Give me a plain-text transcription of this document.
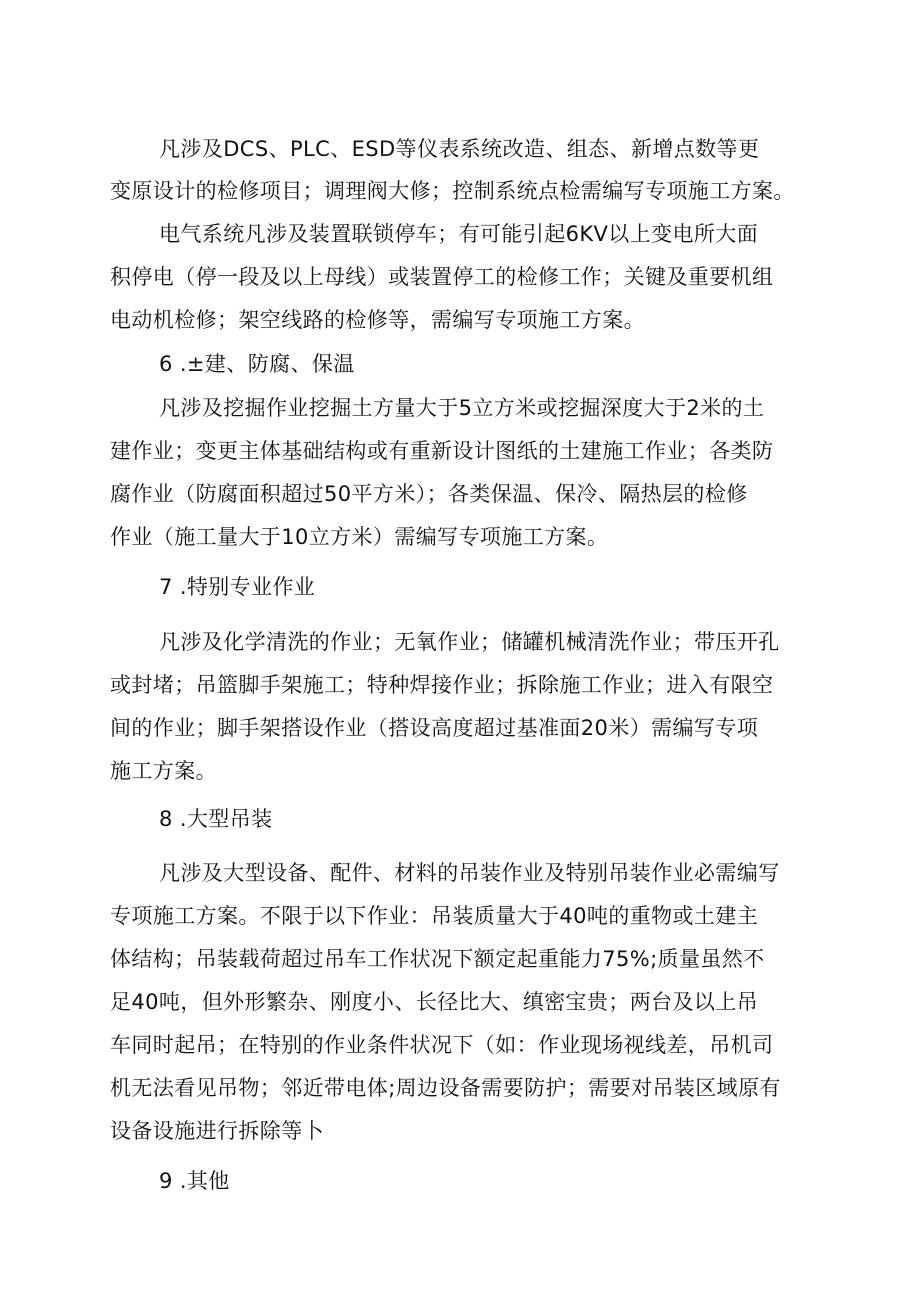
凡涉及DCS、PLC、ESD等仪表系统改造、组态、新增点数等更
变原设计的检修项目；调理阀大修；控制系统点检需编写专项施工方案。
电气系统凡涉及装置联锁停车；有可能引起6KV以上变电所大面
积停电（停一段及以上母线）或装置停工的检修工作；关键及重要机组
电动机检修；架空线路的检修等，需编写专项施工方案。
6 .±建、防腐、保温
凡涉及挖掘作业挖掘土方量大于5立方米或挖掘深度大于2米的土
建作业；变更主体基础结构或有重新设计图纸的土建施工作业；各类防
腐作业（防腐面积超过50平方米）；各类保温、保冷、隔热层的检修
作业（施工量大于10立方米）需编写专项施工方案。
7 .特别专业作业
凡涉及化学清洗的作业；无氧作业；储罐机械清洗作业；带压开孔
或封堵；吊篮脚手架施工；特种焊接作业；拆除施工作业；进入有限空
间的作业；脚手架搭设作业（搭设高度超过基准面20米）需编写专项
施工方案。
8 .大型吊装
凡涉及大型设备、配件、材料的吊装作业及特别吊装作业必需编写
专项施工方案。不限于以下作业：吊装质量大于40吨的重物或土建主
体结构；吊装载荷超过吊车工作状况下额定起重能力75%;质量虽然不
足40吨，但外形繁杂、刚度小、长径比大、缜密宝贵；两台及以上吊
车同时起吊；在特别的作业条件状况下（如：作业现场视线差，吊机司
机无法看见吊物；邻近带电体;周边设备需要防护；需要对吊装区域原有
设备设施进行拆除等卜
9 .其他
